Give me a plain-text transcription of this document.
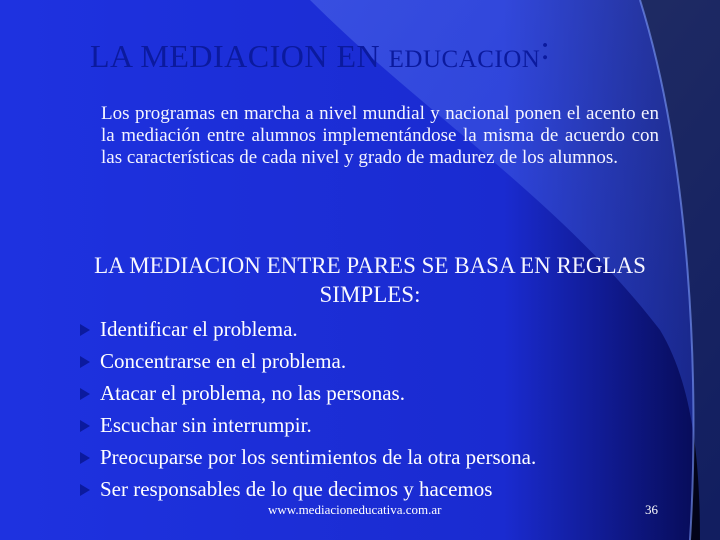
LA MEDIACION EN EDUCACION:
Los programas en marcha a nivel mundial y nacional ponen el acento en la mediación entre alumnos implementándose la misma de acuerdo con las características de cada nivel y grado de madurez de los alumnos.
LA MEDIACION ENTRE PARES SE BASA EN REGLAS SIMPLES:
Identificar el problema.
Concentrarse en el problema.
Atacar el problema, no las personas.
Escuchar sin interrumpir.
Preocuparse por los sentimientos de la otra persona.
Ser responsables de lo que decimos y hacemos
www.mediacioneducativa.com.ar	36
